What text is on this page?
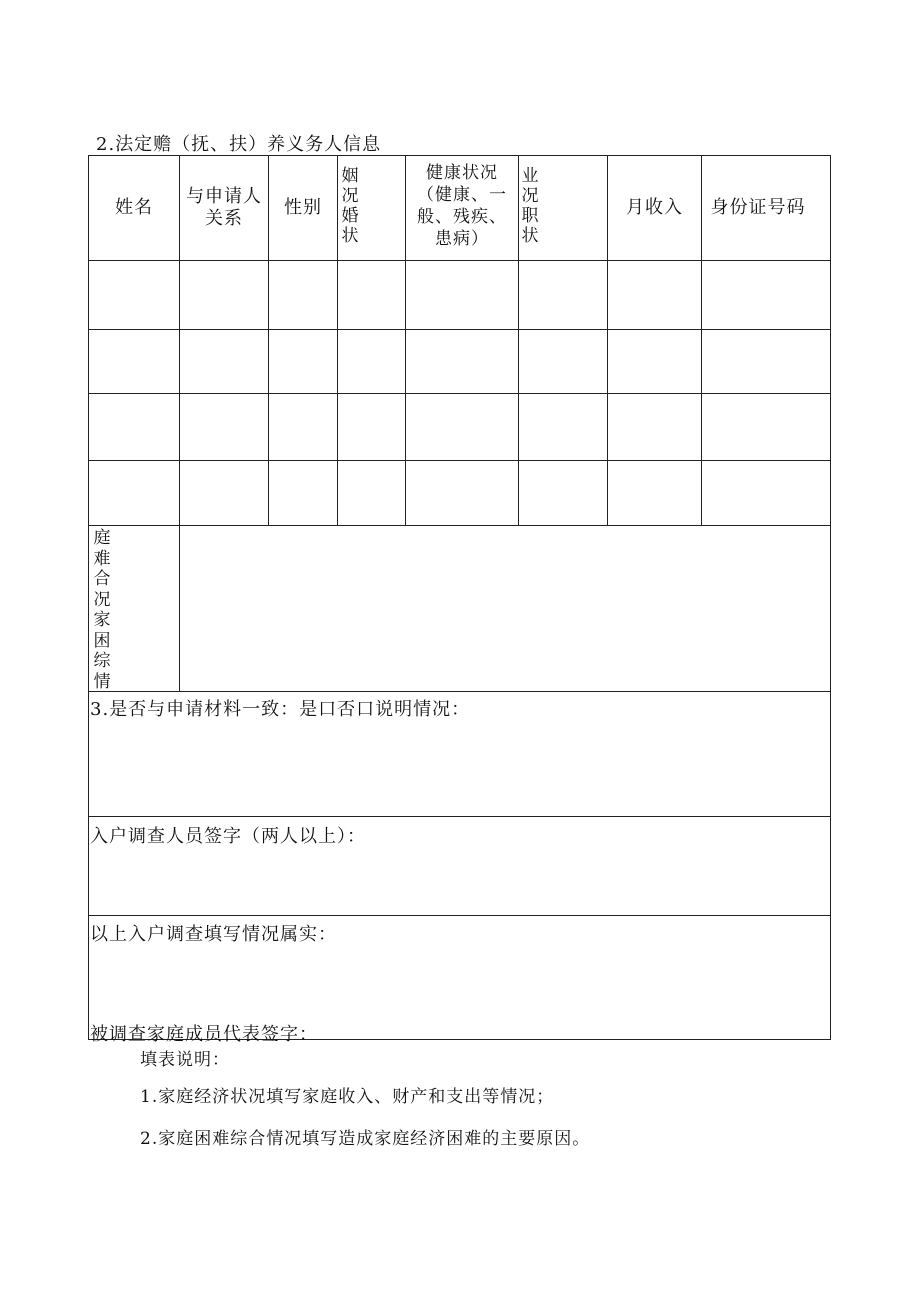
2.法定赡（抚、扶）养义务人信息
姓名
与申请人
关系
性别
姻
况
婚
状
健康状况
（健康、一
般、残疾、
患病）
业
况
职
状
月收入	身份证号码
庭
难
合
况
家
困
综
情
3.是否与申请材料一致：是口否口说明情况：
入户调查人员签字（两人以上）：
以上入户调查填写情况属实：
被调查家庭成员代表签字：
填表说明：
1.家庭经济状况填写家庭收入、财产和支出等情况；
2.家庭困难综合情况填写造成家庭经济困难的主要原因。
